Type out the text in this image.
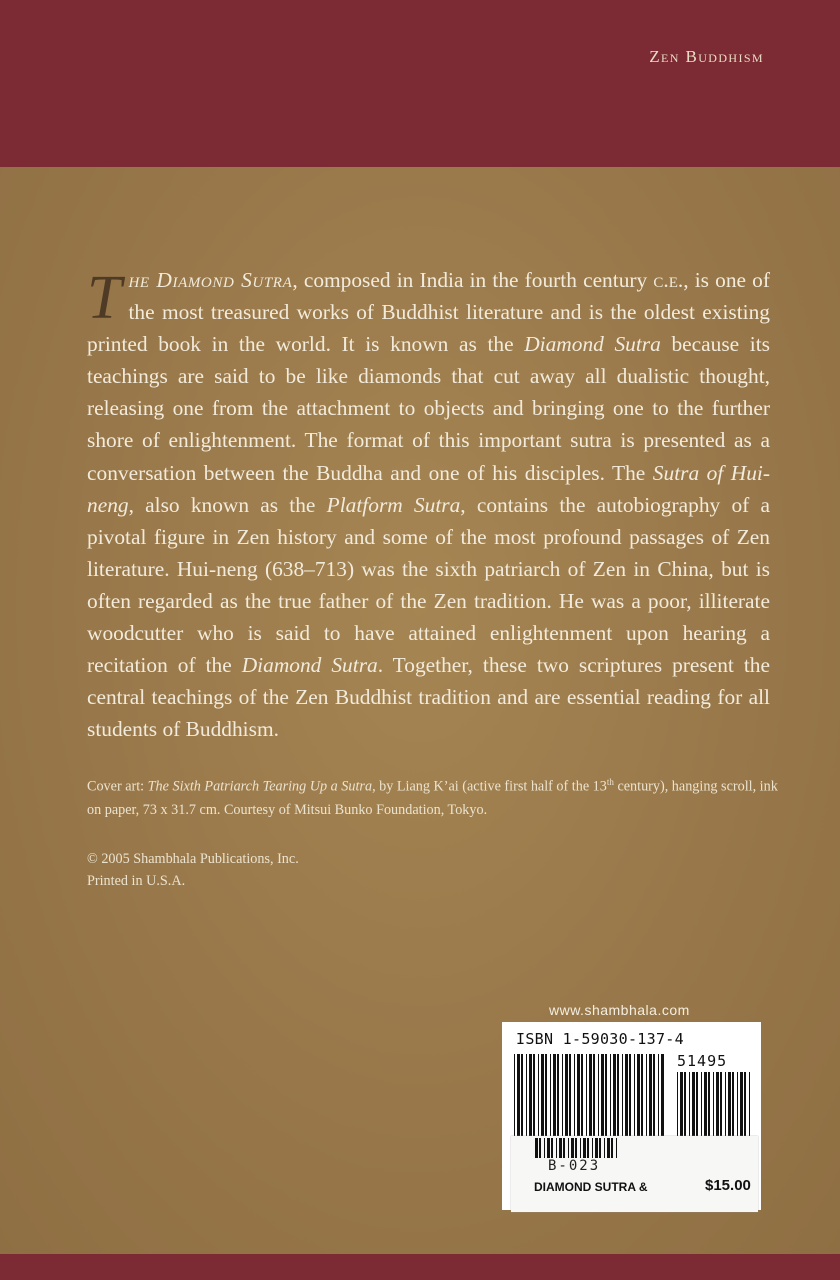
Zen Buddhism

The Diamond Sutra, composed in India in the fourth century c.e., is one of the most treasured works of Buddhist literature and is the oldest existing printed book in the world. It is known as the Diamond Sutra because its teachings are said to be like diamonds that cut away all dualistic thought, releasing one from the attachment to objects and bringing one to the further shore of enlightenment. The format of this important sutra is presented as a conversation between the Buddha and one of his disciples. The Sutra of Hui-neng, also known as the Platform Sutra, contains the autobiography of a pivotal figure in Zen history and some of the most profound passages of Zen literature. Hui-neng (638–713) was the sixth patriarch of Zen in China, but is often regarded as the true father of the Zen tradition. He was a poor, illiterate woodcutter who is said to have attained enlightenment upon hearing a recitation of the Diamond Sutra. Together, these two scriptures present the central teachings of the Zen Buddhist tradition and are essential reading for all students of Buddhism.

Cover art: The Sixth Patriarch Tearing Up a Sutra, by Liang K’ai (active first half of the 13th century), hanging scroll, ink on paper, 73 x 31.7 cm. Courtesy of Mitsui Bunko Foundation, Tokyo.

© 2005 Shambhala Publications, Inc.
Printed in U.S.A.
www.shambhala.com
ISBN 1-59030-137-4
51495
B-023
DIAMOND SUTRA &	$15.00
